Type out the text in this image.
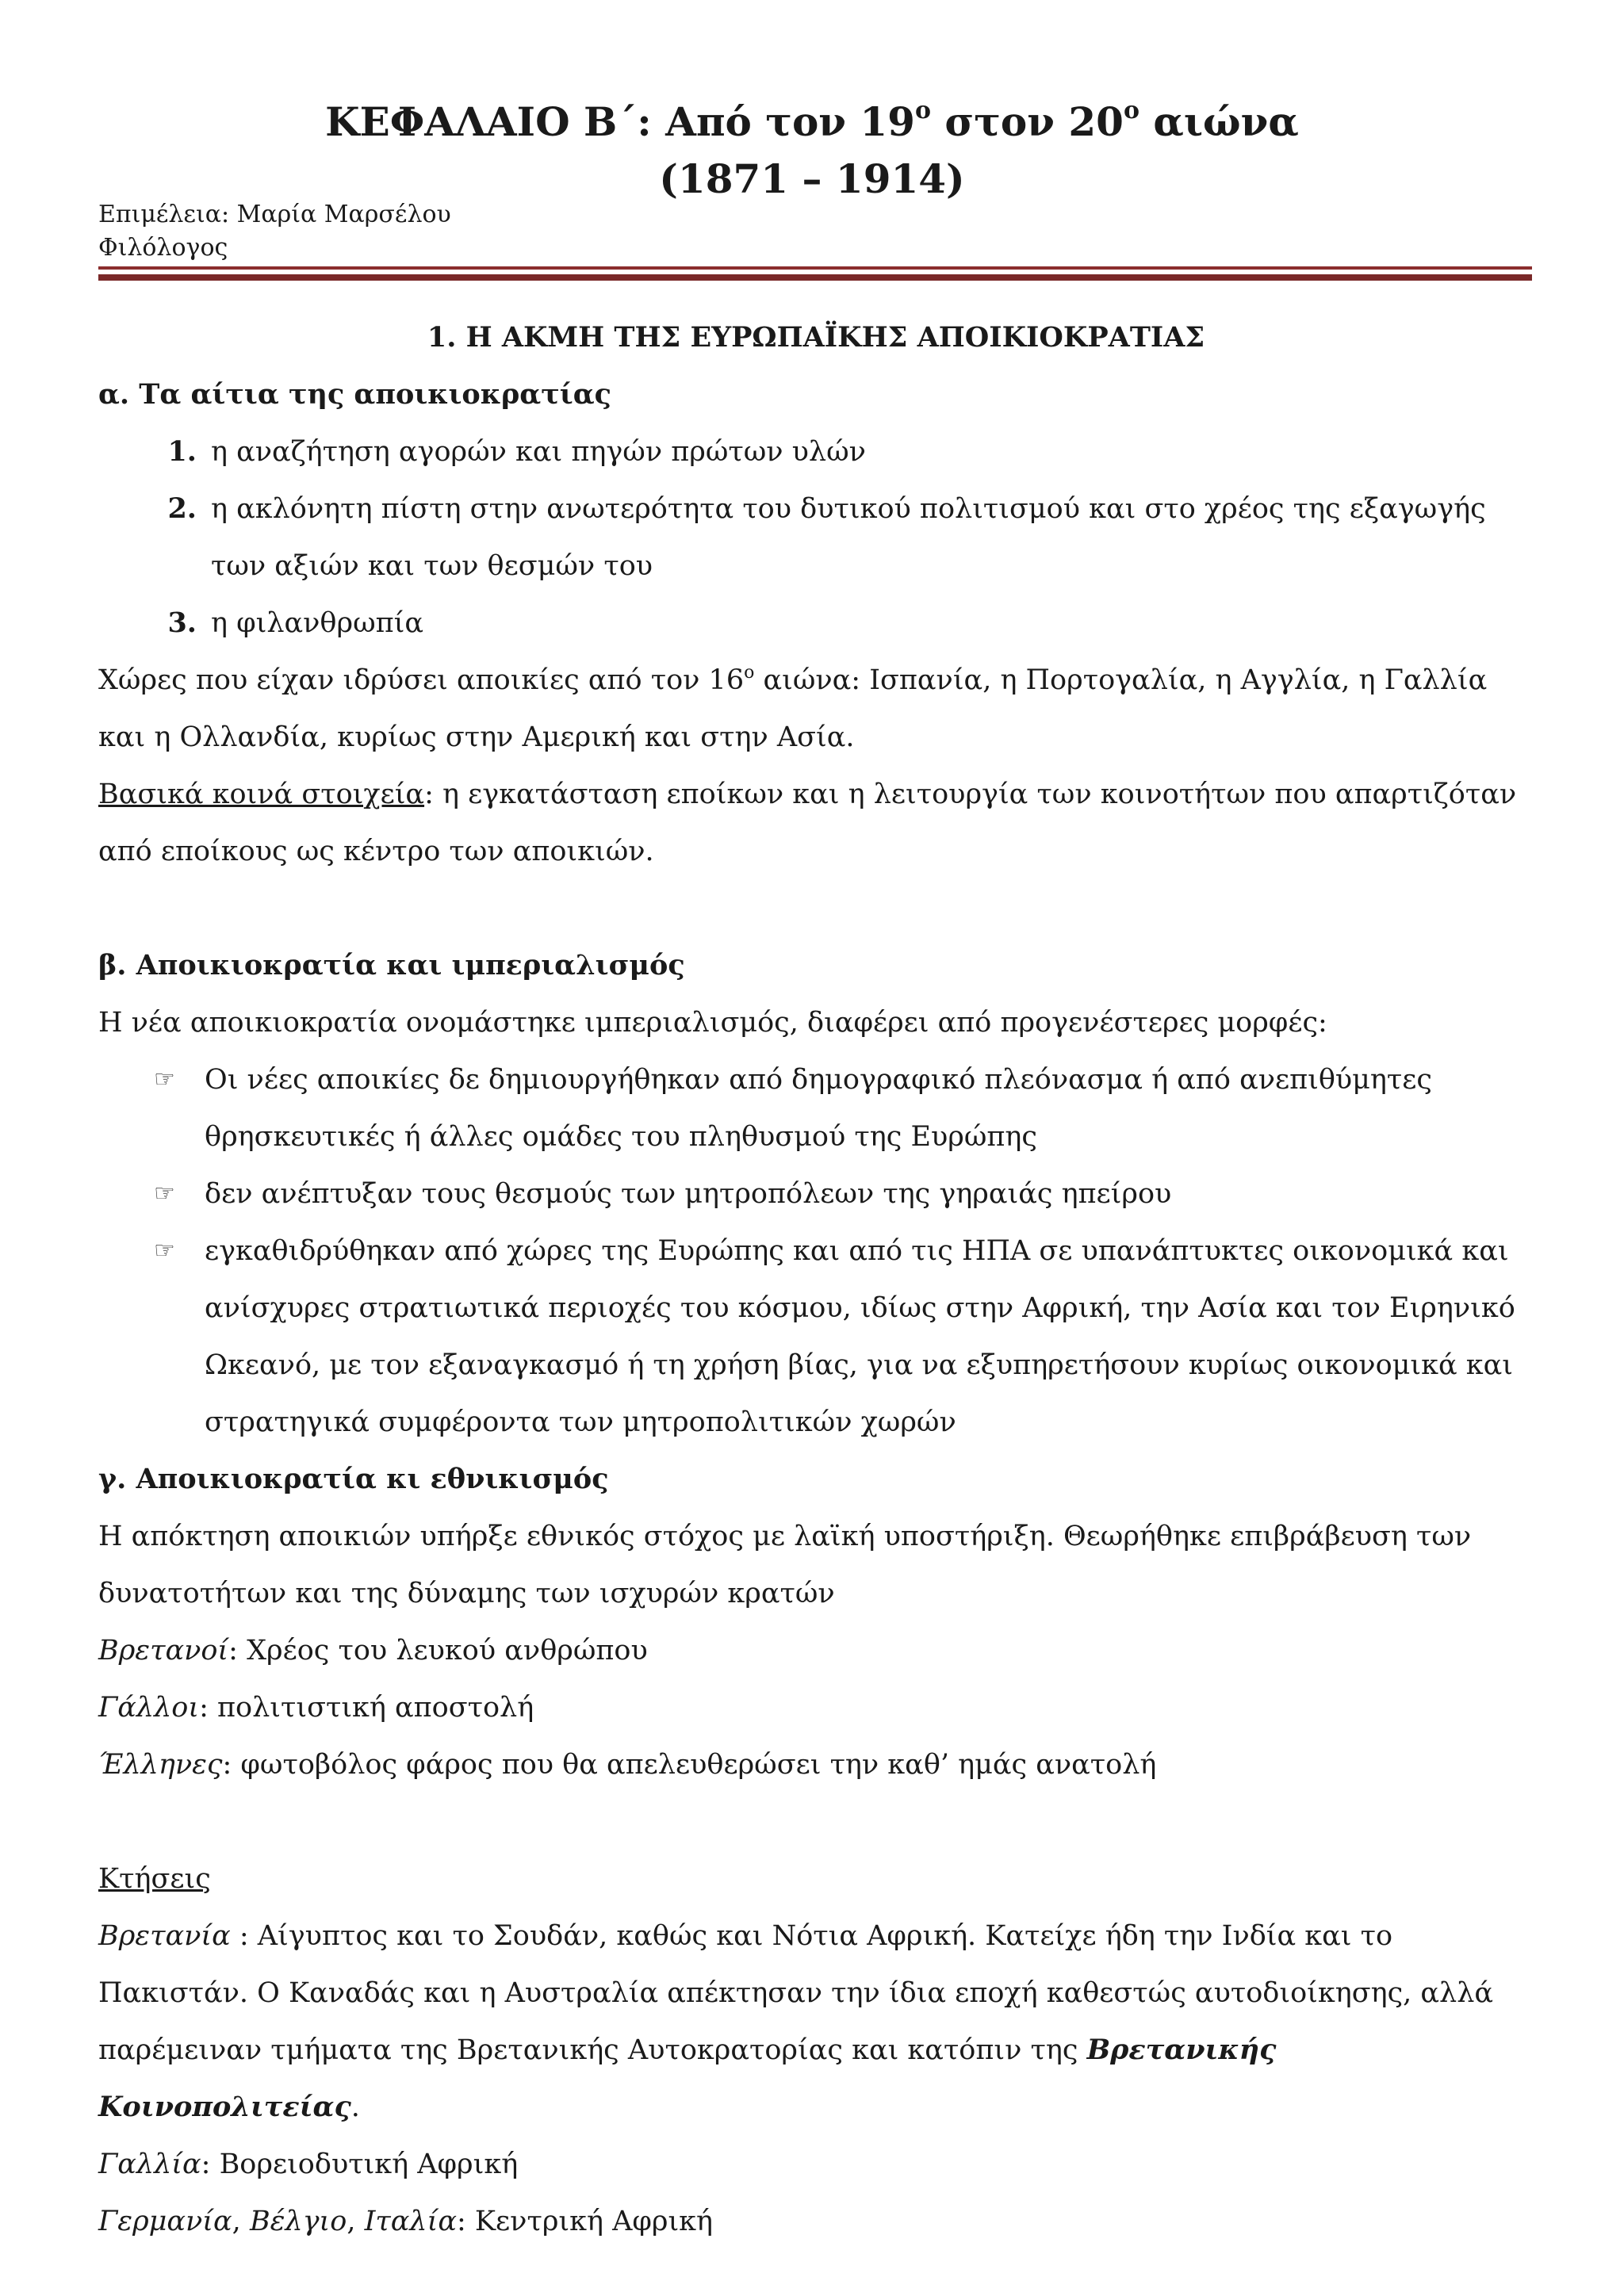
ΚΕΦΑΛΑΙΟ Β΄: Από τον $19^o$ στον $20^o$ αιώνα
(1871 – 1914)
Επιμέλεια: Μαρία Μαρσέλου
Φιλόλογος

1. Η ΑΚΜΗ ΤΗΣ ΕΥΡΩΠΑΪΚΗΣ ΑΠΟΙΚΙΟΚΡΑΤΙΑΣ

α. Τα αίτια της αποικιοκρατίας

1. η αναζήτηση αγορών και πηγών πρώτων υλών
2. η ακλόνητη πίστη στην ανωτερότητα του δυτικού πολιτισμού και στο χρέος της εξαγωγής των αξιών και των θεσμών του
3. η φιλανθρωπία

Χώρες που είχαν ιδρύσει αποικίες από τον $16^o$ αιώνα: Ισπανία, η Πορτογαλία, η Αγγλία, η Γαλλία και η Ολλανδία, κυρίως στην Αμερική και στην Ασία.

Βασικά κοινά στοιχεία: η εγκατάσταση εποίκων και η λειτουργία των κοινοτήτων που απαρτιζόταν από εποίκους ως κέντρο των αποικιών.

β. Αποικιοκρατία και ιμπεριαλισμός

Η νέα αποικιοκρατία ονομάστηκε ιμπεριαλισμός, διαφέρει από προγενέστερες μορφές:

☞	Οι νέες αποικίες δε δημιουργήθηκαν από δημογραφικό πλεόνασμα ή από ανεπιθύμητες θρησκευτικές ή άλλες ομάδες του πληθυσμού της Ευρώπης
☞	δεν ανέπτυξαν τους θεσμούς των μητροπόλεων της γηραιάς ηπείρου
☞	εγκαθιδρύθηκαν από χώρες της Ευρώπης και από τις ΗΠΑ σε υπανάπτυκτες οικονομικά και ανίσχυρες στρατιωτικά περιοχές του κόσμου, ιδίως στην Αφρική, την Ασία και τον Ειρηνικό Ωκεανό, με τον εξαναγκασμό ή τη χρήση βίας, για να εξυπηρετήσουν κυρίως οικονομικά και στρατηγικά συμφέροντα των μητροπολιτικών χωρών

γ. Αποικιοκρατία κι εθνικισμός

Η απόκτηση αποικιών υπήρξε εθνικός στόχος με λαϊκή υποστήριξη. Θεωρήθηκε επιβράβευση των δυνατοτήτων και της δύναμης των ισχυρών κρατών

Βρετανοί: Χρέος του λευκού ανθρώπου

Γάλλοι: πολιτιστική αποστολή

Έλληνες: φωτοβόλος φάρος που θα απελευθερώσει την καθ’ ημάς ανατολή

Κτήσεις

Βρετανία : Αίγυπτος και το Σουδάν, καθώς και Νότια Αφρική. Κατείχε ήδη την Ινδία και το Πακιστάν. Ο Καναδάς και η Αυστραλία απέκτησαν την ίδια εποχή καθεστώς αυτοδιοίκησης, αλλά παρέμειναν τμήματα της Βρετανικής Αυτοκρατορίας και κατόπιν της Βρετανικής Κοινοπολιτείας.

Γαλλία: Βορειοδυτική Αφρική

Γερμανία, Βέλγιο, Ιταλία: Κεντρική Αφρική
